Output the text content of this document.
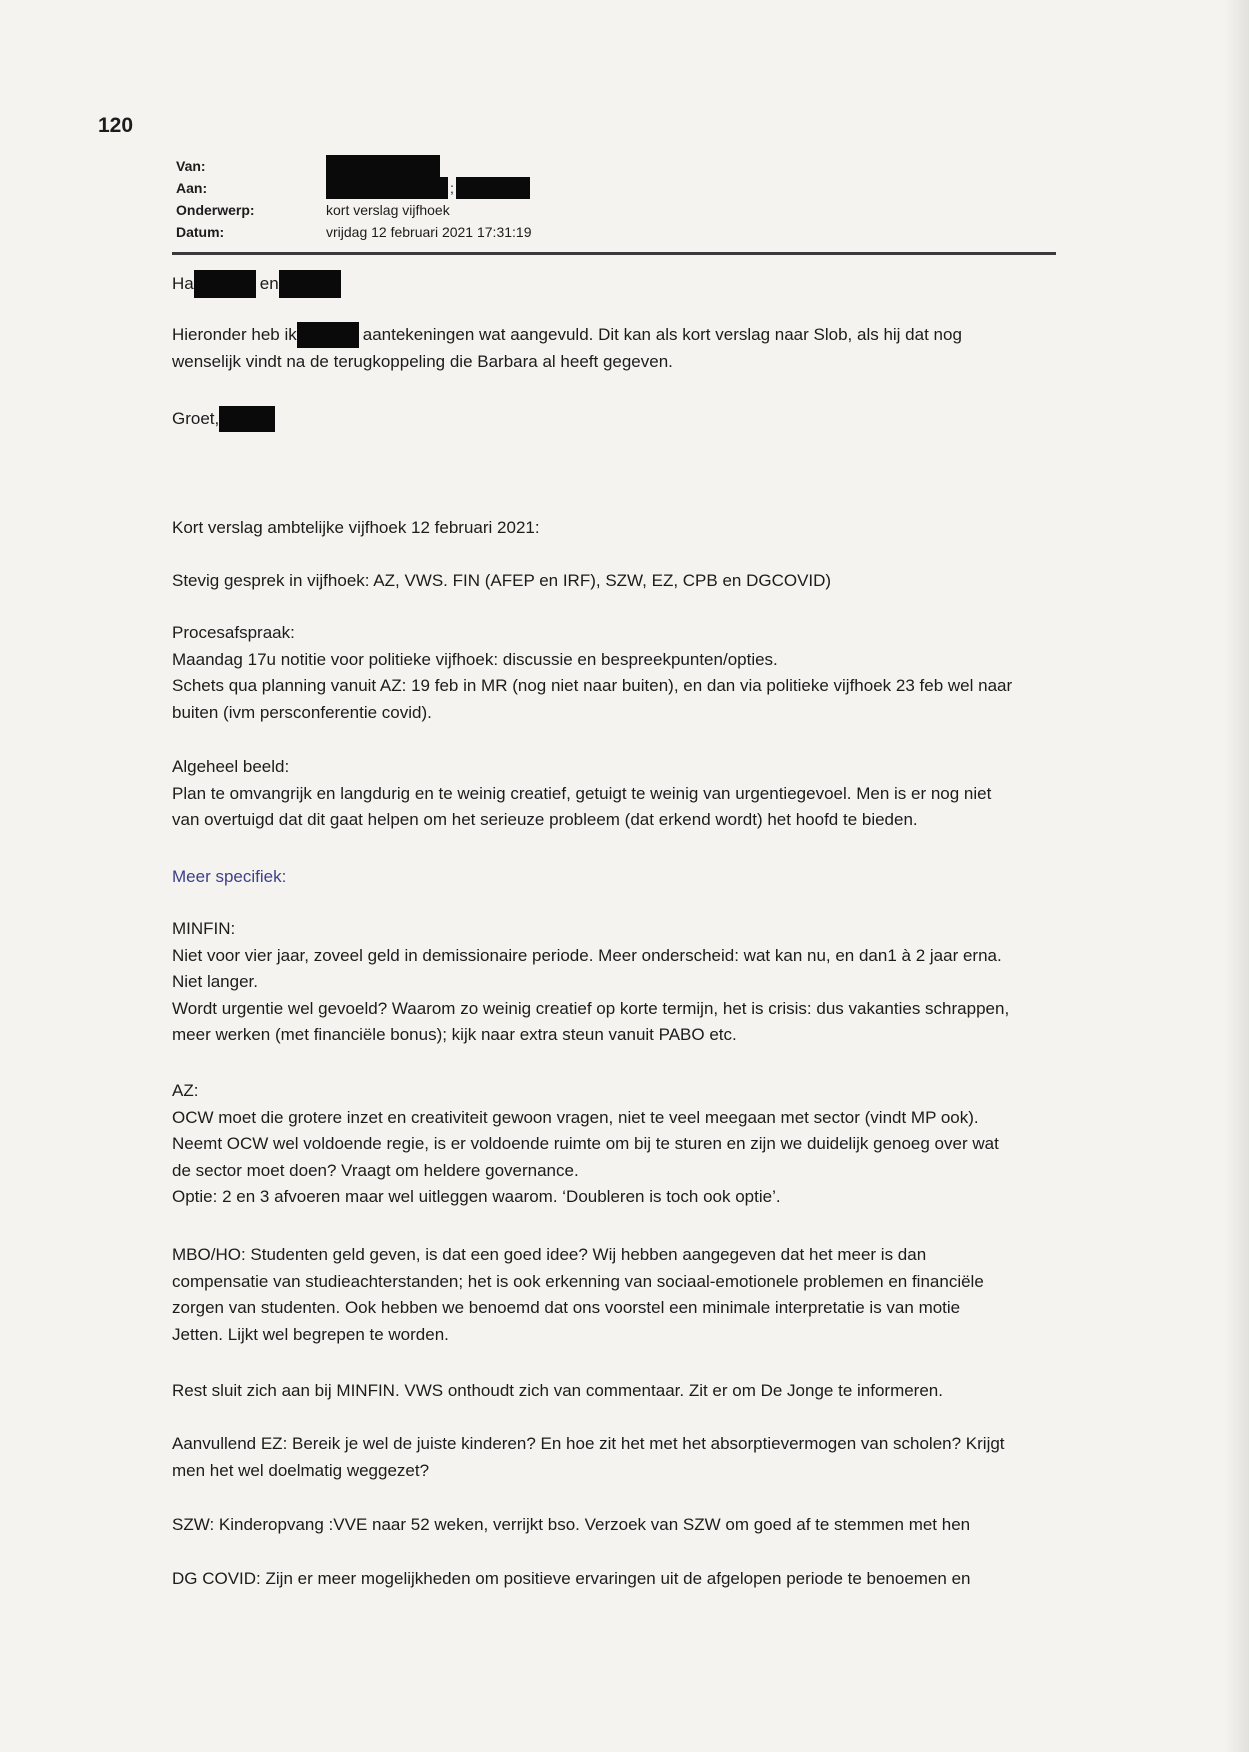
120
Van:
Aan:	;
Onderwerp:	kort verslag vijfhoek
Datum:	vrijdag 12 februari 2021 17:31:19
Ha	en

Hieronder heb ik	aantekeningen wat aangevuld. Dit kan als kort verslag naar Slob, als hij dat nog

wenselijk vindt na de terugkoppeling die Barbara al heeft gegeven.

Groet,
Kort verslag ambtelijke vijfhoek 12 februari 2021:
Stevig gesprek in vijfhoek: AZ, VWS. FIN (AFEP en IRF), SZW, EZ, CPB en DGCOVID)

Procesafspraak:

Maandag 17u notitie voor politieke vijfhoek: discussie en bespreekpunten/opties.

Schets qua planning vanuit AZ: 19 feb in MR (nog niet naar buiten), en dan via politieke vijfhoek 23 feb wel naar

buiten (ivm persconferentie covid).

Algeheel beeld:

Plan te omvangrijk en langdurig en te weinig creatief, getuigt te weinig van urgentiegevoel. Men is er nog niet

van overtuigd dat dit gaat helpen om het serieuze probleem (dat erkend wordt) het hoofd te bieden.

Meer specifiek:

MINFIN:

Niet voor vier jaar, zoveel geld in demissionaire periode. Meer onderscheid: wat kan nu, en dan1 à 2 jaar erna.

Niet langer.

Wordt urgentie wel gevoeld? Waarom zo weinig creatief op korte termijn, het is crisis: dus vakanties schrappen,

meer werken (met financiële bonus); kijk naar extra steun vanuit PABO etc.

AZ:

OCW moet die grotere inzet en creativiteit gewoon vragen, niet te veel meegaan met sector (vindt MP ook).

Neemt OCW wel voldoende regie, is er voldoende ruimte om bij te sturen en zijn we duidelijk genoeg over wat

de sector moet doen? Vraagt om heldere governance.

Optie: 2 en 3 afvoeren maar wel uitleggen waarom. ‘Doubleren is toch ook optie’.

MBO/HO: Studenten geld geven, is dat een goed idee? Wij hebben aangegeven dat het meer is dan

compensatie van studieachterstanden; het is ook erkenning van sociaal-emotionele problemen en financiële

zorgen van studenten. Ook hebben we benoemd dat ons voorstel een minimale interpretatie is van motie

Jetten. Lijkt wel begrepen te worden.

Rest sluit zich aan bij MINFIN. VWS onthoudt zich van commentaar. Zit er om De Jonge te informeren.

Aanvullend EZ: Bereik je wel de juiste kinderen? En hoe zit het met het absorptievermogen van scholen? Krijgt

men het wel doelmatig weggezet?

SZW: Kinderopvang :VVE naar 52 weken, verrijkt bso. Verzoek van SZW om goed af te stemmen met hen
DG COVID: Zijn er meer mogelijkheden om positieve ervaringen uit de afgelopen periode te benoemen en
